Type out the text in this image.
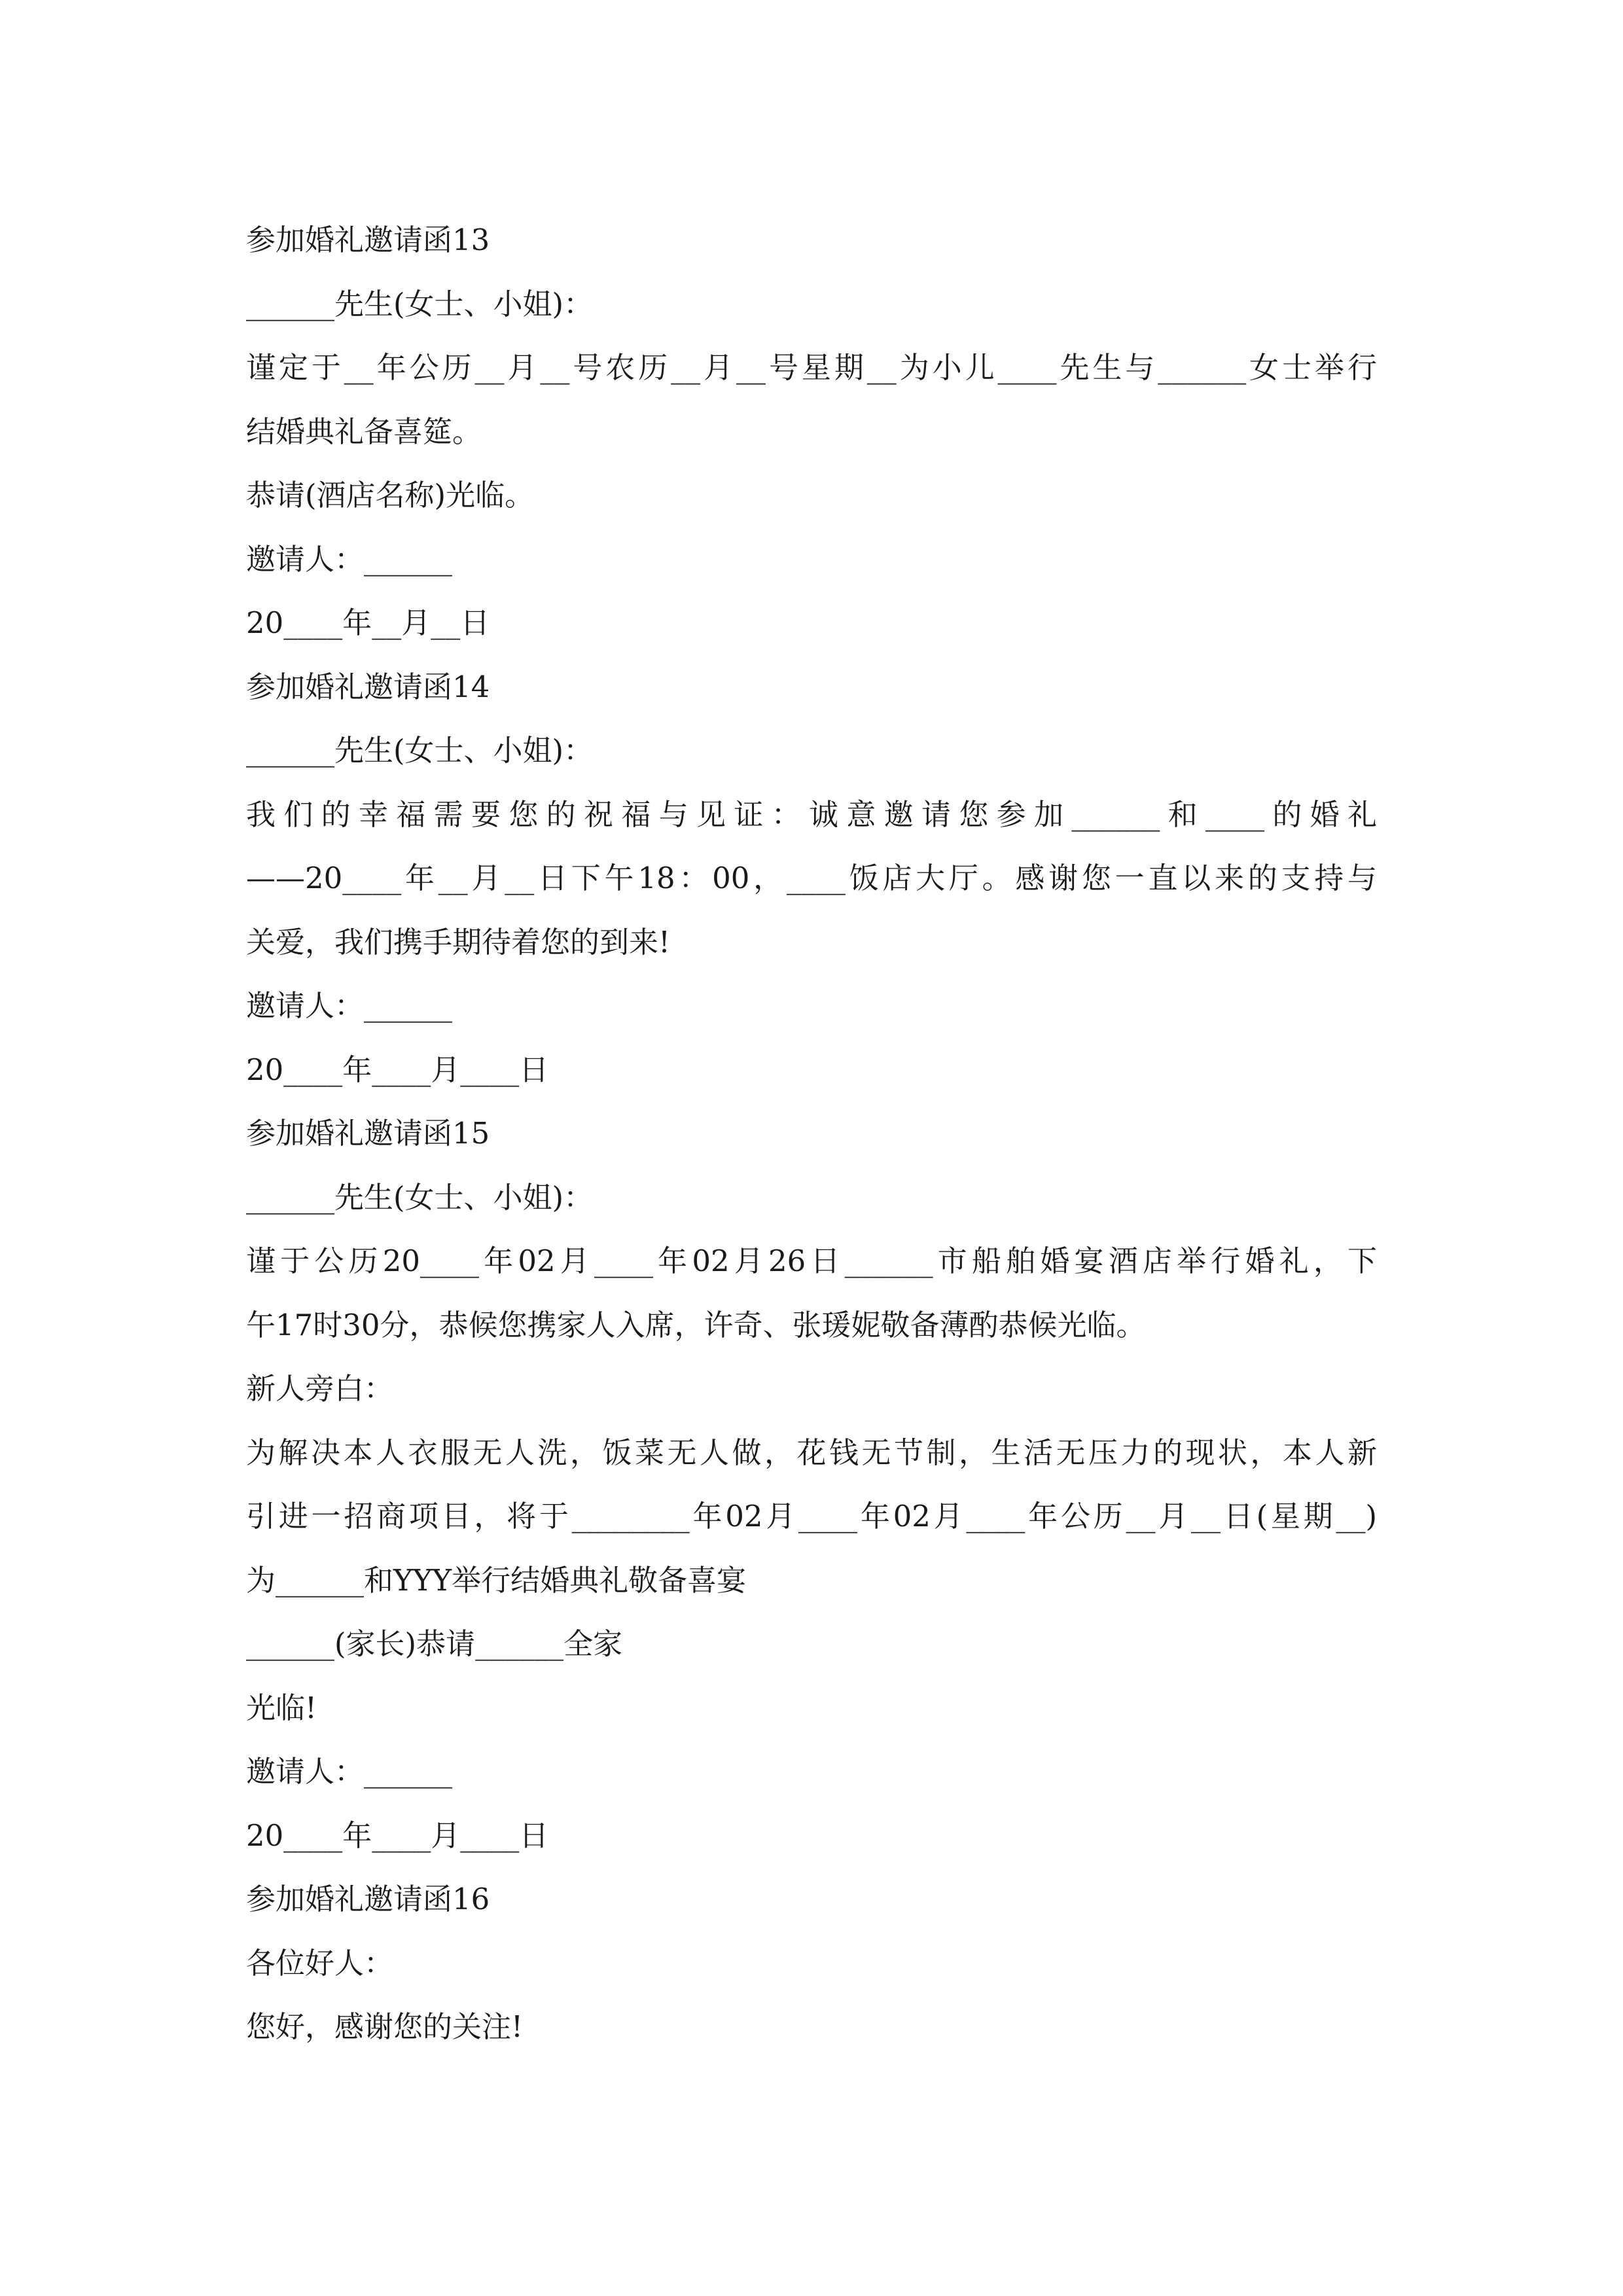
参加婚礼邀请函13
______先生(女士、小姐)：
谨定于__年公历__月__号农历__月__号星期__为小儿____先生与______女士举行
结婚典礼备喜筵。
恭请(酒店名称)光临。
邀请人：______
20____年__月__日
参加婚礼邀请函14
______先生(女士、小姐)：
我们的幸福需要您的祝福与见证：诚意邀请您参加______和____的婚礼
——20____年__月__日下午18：00，____饭店大厅。感谢您一直以来的支持与
关爱，我们携手期待着您的到来!
邀请人：______
20____年____月____日
参加婚礼邀请函15
______先生(女士、小姐)：
谨于公历20____年02月____年02月26日______市船舶婚宴酒店举行婚礼，下
午17时30分，恭候您携家人入席，许奇、张瑗妮敬备薄酌恭候光临。
新人旁白：
为解决本人衣服无人洗，饭菜无人做，花钱无节制，生活无压力的现状，本人新
引进一招商项目，将于________年02月____年02月____年公历__月__日(星期__)
为______和YYY举行结婚典礼敬备喜宴
______(家长)恭请______全家
光临!
邀请人：______
20____年____月____日
参加婚礼邀请函16
各位好人：
您好，感谢您的关注!
